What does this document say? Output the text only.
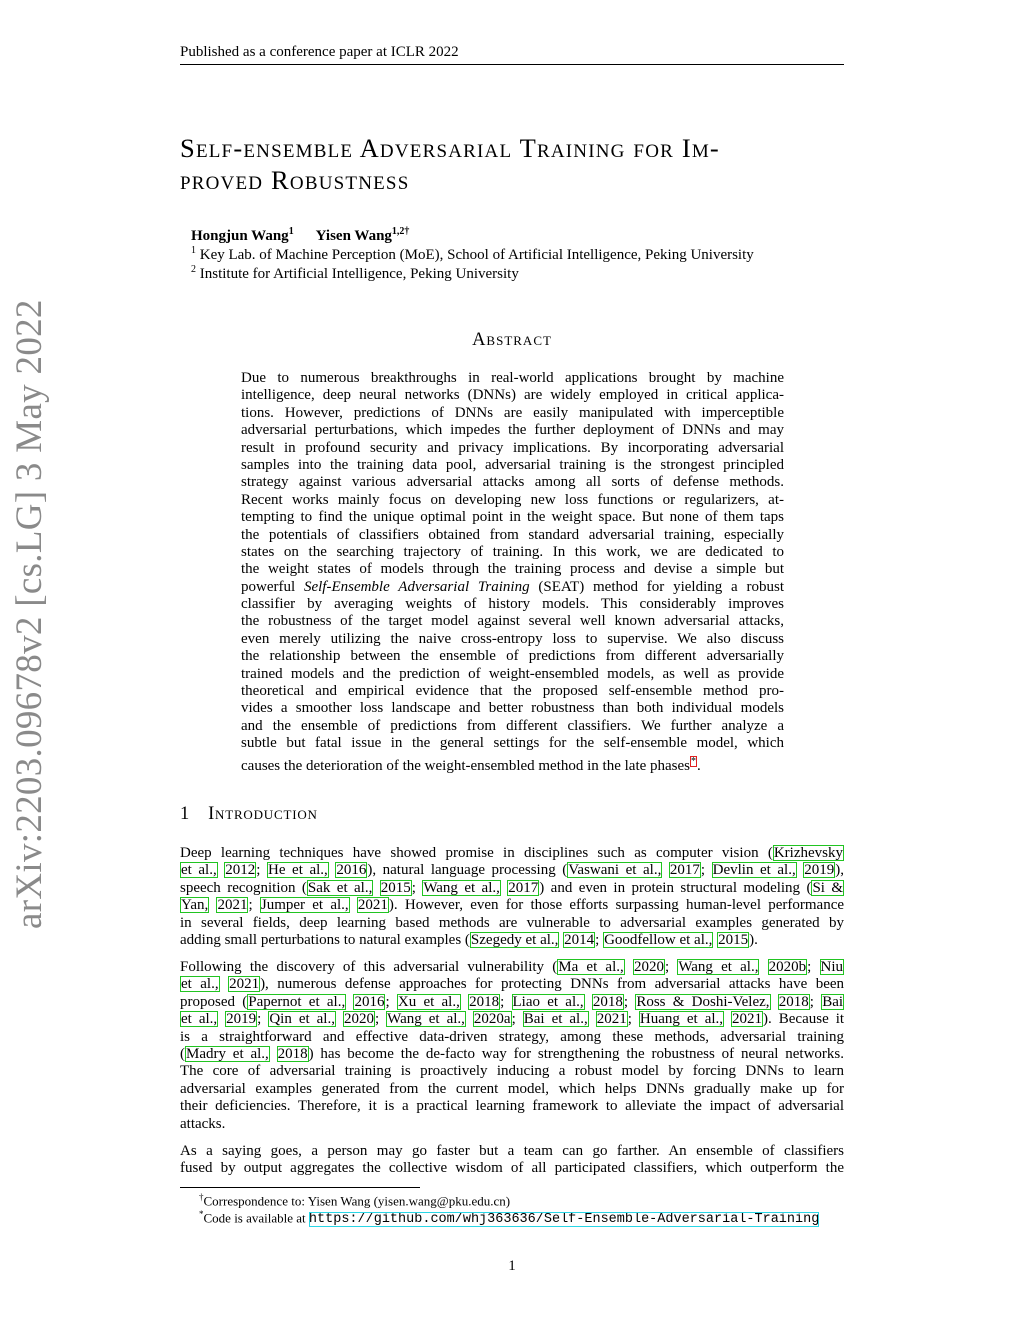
Published as a conference paper at ICLR 2022
arXiv:2203.09678v2 [cs.LG] 3 May 2022
Self-ensemble Adversarial Training for Im-
proved Robustness
Hongjun Wang$^1$ Yisen Wang$^{1,2\dagger}$
$^1$ Key Lab. of Machine Perception (MoE), School of Artificial Intelligence, Peking University
$^2$ Institute for Artificial Intelligence, Peking University
Abstract
Due to numerous breakthroughs in real-world applications brought by machine
intelligence, deep neural networks (DNNs) are widely employed in critical applica-
tions. However, predictions of DNNs are easily manipulated with imperceptible
adversarial perturbations, which impedes the further deployment of DNNs and may
result in profound security and privacy implications. By incorporating adversarial
samples into the training data pool, adversarial training is the strongest principled
strategy against various adversarial attacks among all sorts of defense methods.
Recent works mainly focus on developing new loss functions or regularizers, at-
tempting to find the unique optimal point in the weight space. But none of them taps
the potentials of classifiers obtained from standard adversarial training, especially
states on the searching trajectory of training. In this work, we are dedicated to
the weight states of models through the training process and devise a simple but
powerful Self-Ensemble Adversarial Training (SEAT) method for yielding a robust
classifier by averaging weights of history models. This considerably improves
the robustness of the target model against several well known adversarial attacks,
even merely utilizing the naive cross-entropy loss to supervise. We also discuss
the relationship between the ensemble of predictions from different adversarially
trained models and the prediction of weight-ensembled models, as well as provide
theoretical and empirical evidence that the proposed self-ensemble method pro-
vides a smoother loss landscape and better robustness than both individual models
and the ensemble of predictions from different classifiers. We further analyze a
subtle but fatal issue in the general settings for the self-ensemble model, which
causes the deterioration of the weight-ensembled method in the late phases*.
1 Introduction
Deep learning techniques have showed promise in disciplines such as computer vision (Krizhevsky
et al., 2012; He et al., 2016), natural language processing (Vaswani et al., 2017; Devlin et al., 2019),
speech recognition (Sak et al., 2015; Wang et al., 2017) and even in protein structural modeling (Si &
Yan, 2021; Jumper et al., 2021). However, even for those efforts surpassing human-level performance
in several fields, deep learning based methods are vulnerable to adversarial examples generated by
adding small perturbations to natural examples (Szegedy et al., 2014; Goodfellow et al., 2015).
Following the discovery of this adversarial vulnerability (Ma et al., 2020; Wang et al., 2020b; Niu
et al., 2021), numerous defense approaches for protecting DNNs from adversarial attacks have been
proposed (Papernot et al., 2016; Xu et al., 2018; Liao et al., 2018; Ross & Doshi-Velez, 2018; Bai
et al., 2019; Qin et al., 2020; Wang et al., 2020a; Bai et al., 2021; Huang et al., 2021). Because it
is a straightforward and effective data-driven strategy, among these methods, adversarial training
(Madry et al., 2018) has become the de-facto way for strengthening the robustness of neural networks.
The core of adversarial training is proactively inducing a robust model by forcing DNNs to learn
adversarial examples generated from the current model, which helps DNNs gradually make up for
their deficiencies. Therefore, it is a practical learning framework to alleviate the impact of adversarial
attacks.
As a saying goes, a person may go faster but a team can go farther. An ensemble of classifiers
fused by output aggregates the collective wisdom of all participated classifiers, which outperform the
†Correspondence to: Yisen Wang (yisen.wang@pku.edu.cn)
*Code is available at https://github.com/whj363636/Self-Ensemble-Adversarial-Training
1
